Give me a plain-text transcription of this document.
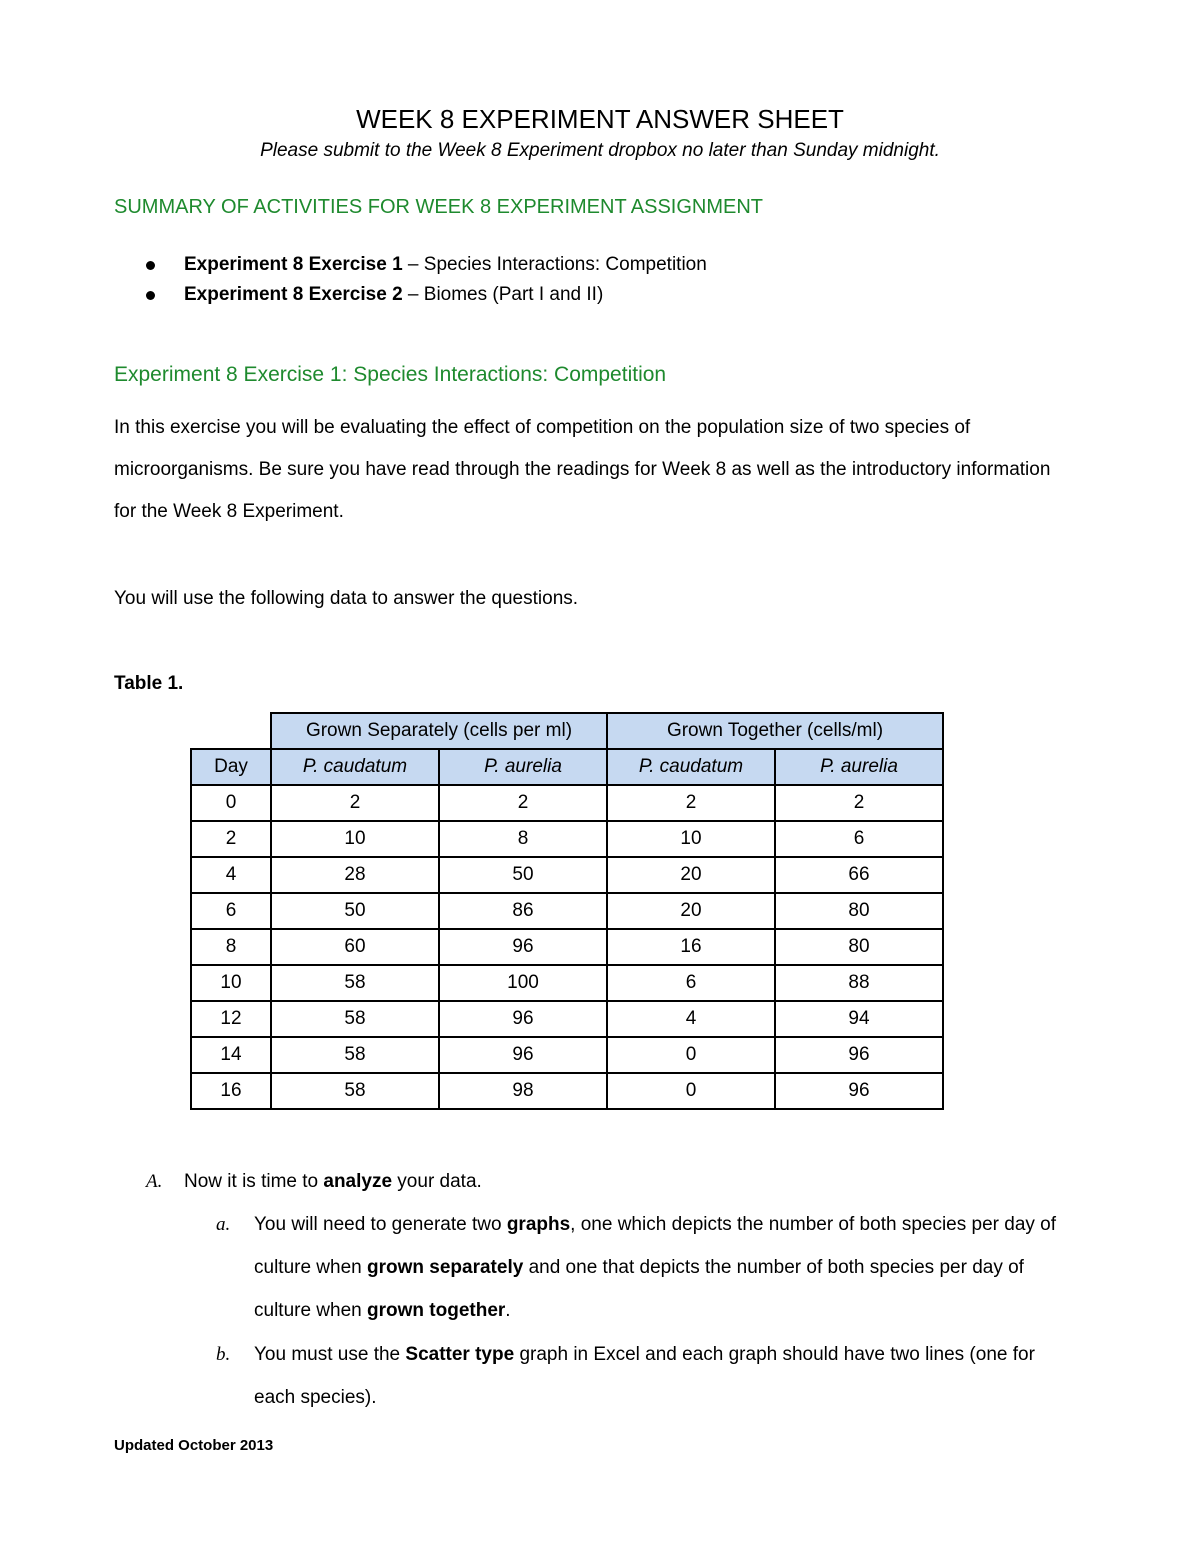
WEEK 8 EXPERIMENT ANSWER SHEET
Please submit to the Week 8 Experiment dropbox no later than Sunday midnight.
SUMMARY OF ACTIVITIES FOR WEEK 8 EXPERIMENT ASSIGNMENT
Experiment 8 Exercise 1 – Species Interactions: Competition
Experiment 8 Exercise 2 – Biomes (Part I and II)
Experiment 8 Exercise 1: Species Interactions: Competition
In this exercise you will be evaluating the effect of competition on the population size of two species of microorganisms. Be sure you have read through the readings for Week 8 as well as the introductory information for the Week 8 Experiment.
You will use the following data to answer the questions.
Table 1.
	Grown Separately (cells per ml)		Grown Together (cells/ml)	
Day	P. caudatum	P. aurelia	P. caudatum	P. aurelia
0	2	2	2	2
2	10	8	10	6
4	28	50	20	66
6	50	86	20	80
8	60	96	16	80
10	58	100	6	88
12	58	96	4	94
14	58	96	0	96
16	58	98	0	96
A. Now it is time to analyze your data.
a. You will need to generate two graphs, one which depicts the number of both species per day of culture when grown separately and one that depicts the number of both species per day of culture when grown together.
b. You must use the Scatter type graph in Excel and each graph should have two lines (one for each species).
Updated October 2013
